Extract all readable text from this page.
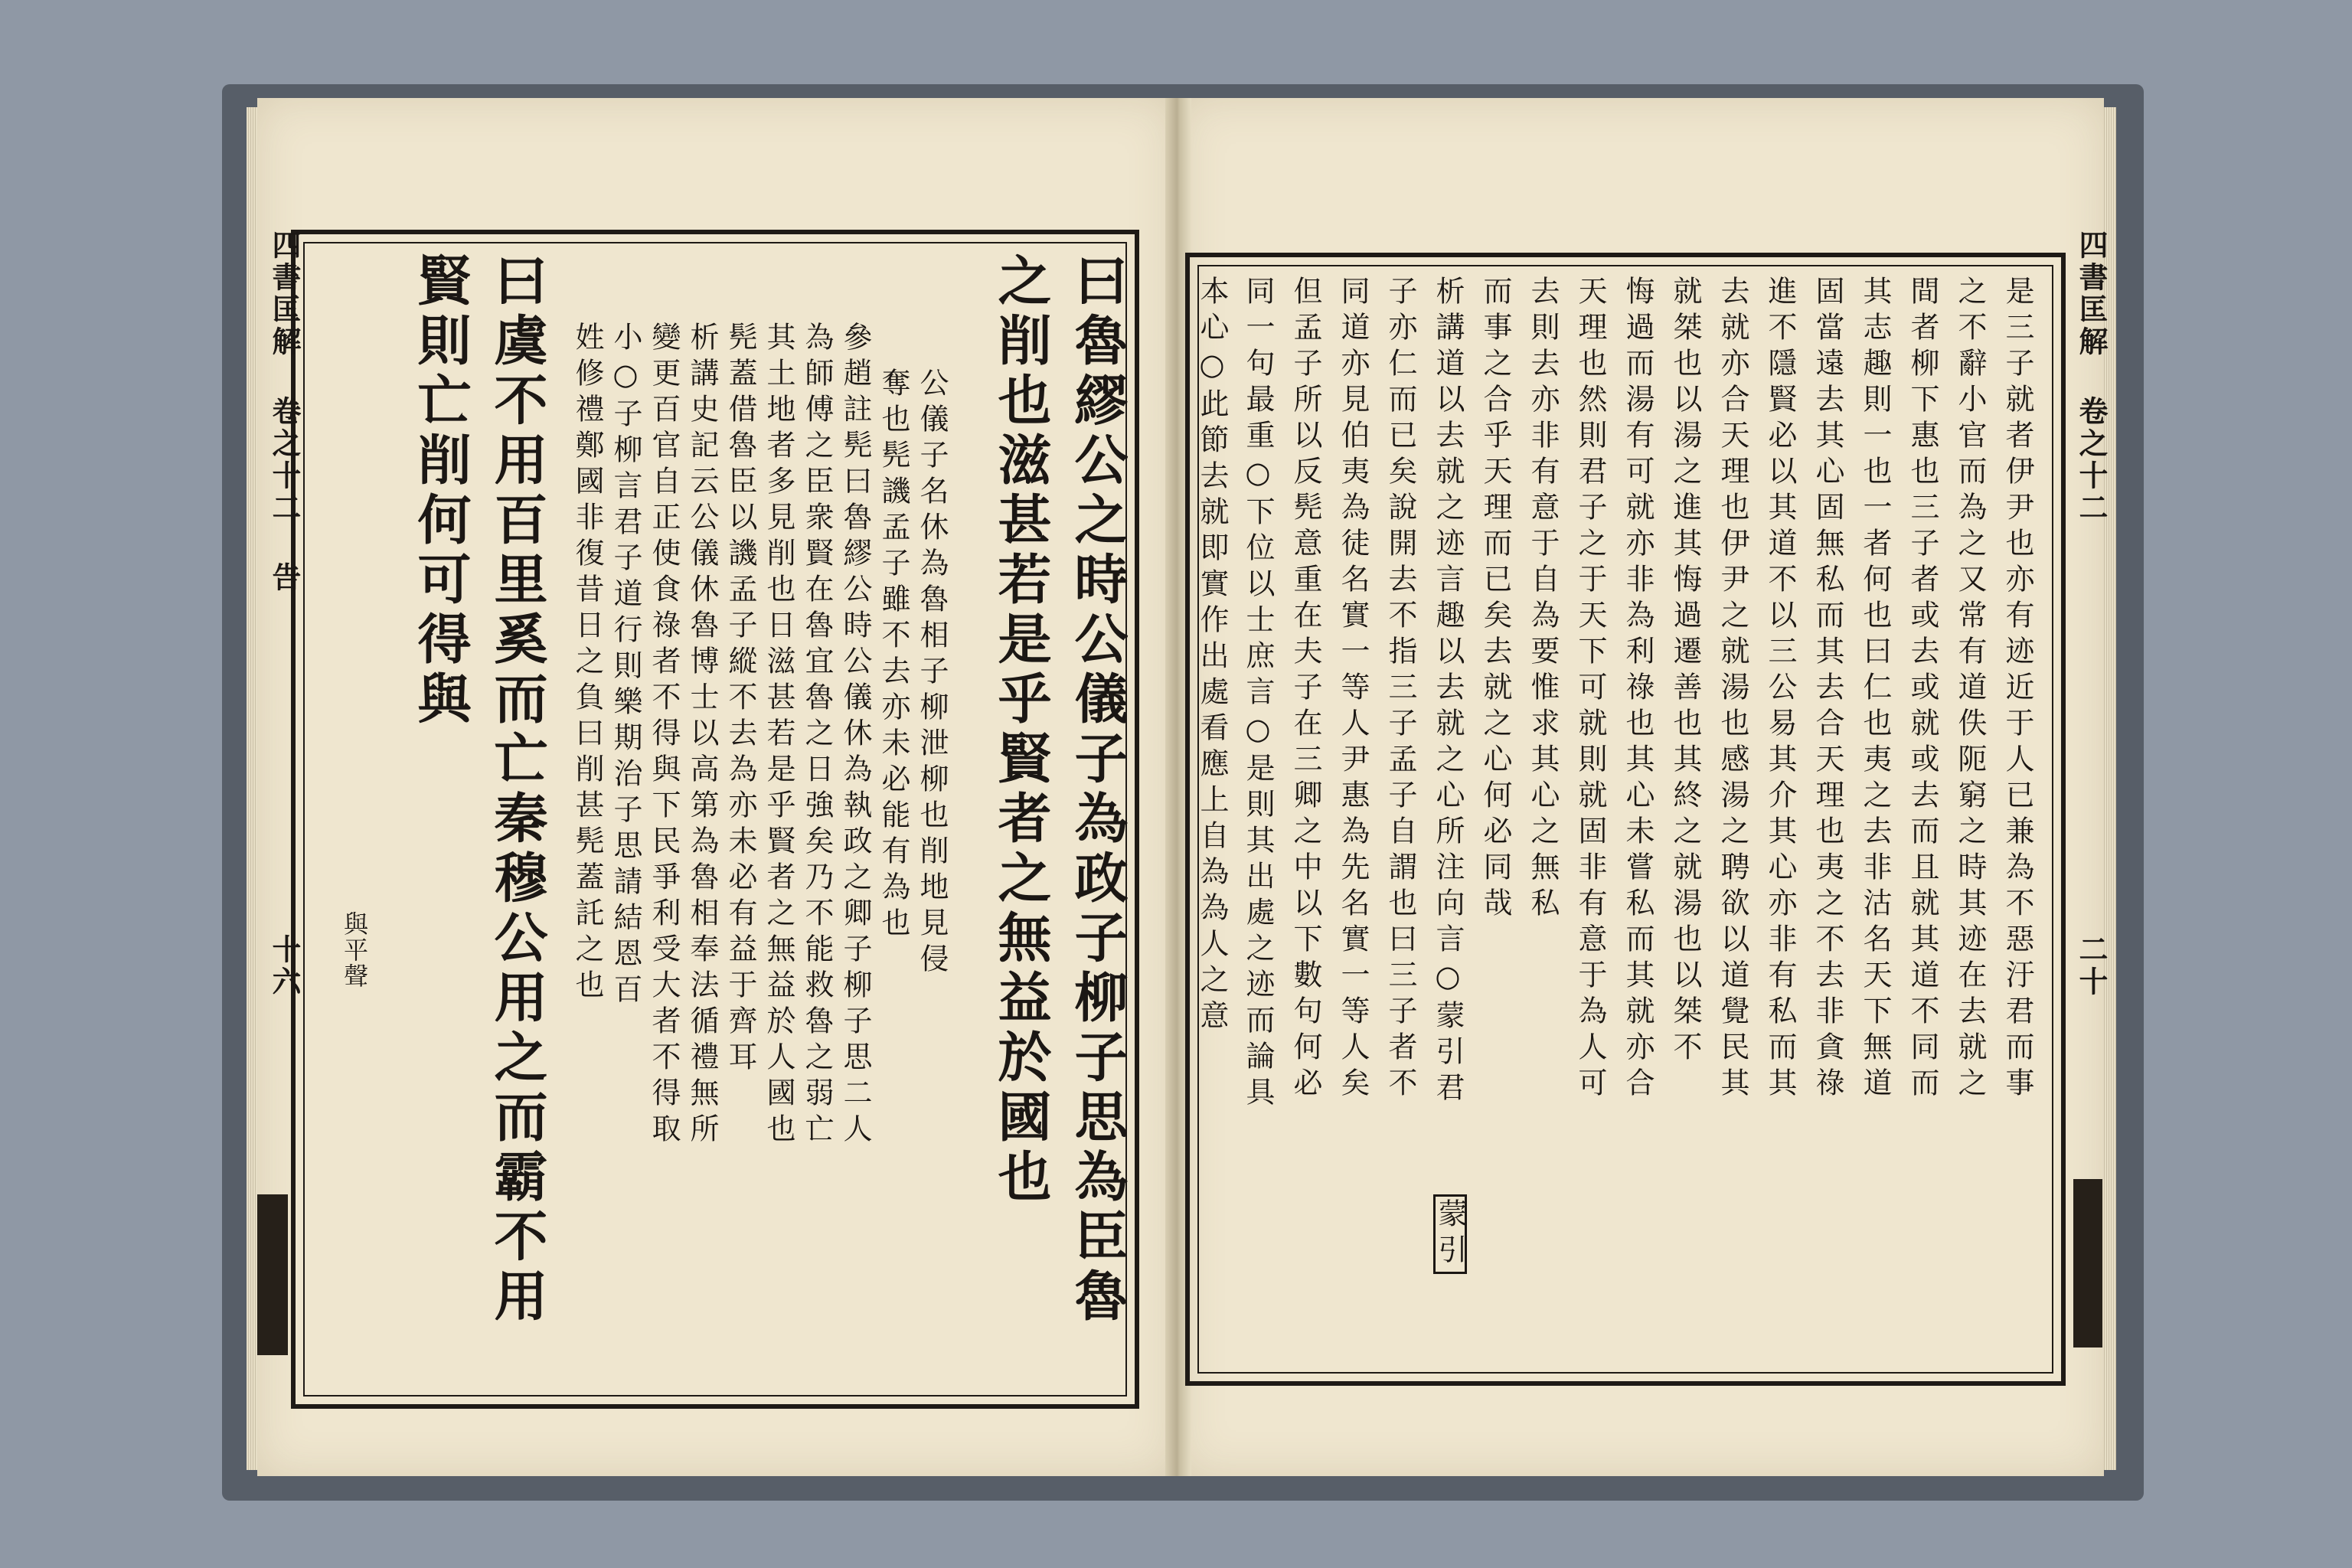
四書匡解 卷之十二 告
十六	曰魯繆公之時公儀子為政子柳子思為臣魯
之削也滋甚若是乎賢者之無益於國也
公儀子名休為魯相子柳泄柳也削地見侵
奪也髡譏孟子雖不去亦未必能有為也
參趙註髡曰魯繆公時公儀休為執政之卿子柳子思二人
為師傅之臣衆賢在魯宜魯之日強矣乃不能救魯之弱亡
其土地者多見削也日滋甚若是乎賢者之無益於人國也
髡蓋借魯臣以譏孟子縱不去為亦未必有益于齊耳
析講史記云公儀休魯博士以高第為魯相奉法循禮無所
變更百官自正使食祿者不得與下民爭利受大者不得取
小○子柳言君子道行則樂期治子思請結恩百
姓修禮鄭國非復昔日之負曰削甚髡蓋託之也
曰虞不用百里奚而亡秦穆公用之而霸不用
賢則亡削何可得與
與平聲
四書匡解 卷之十二
二十
是三子就者伊尹也亦有迹近于人已兼為不惡汙君而事
之不辭小官而為之又常有道佚阨窮之時其迹在去就之
間者柳下惠也三子者或去或就或去而且就其道不同而
其志趣則一也一者何也曰仁也夷之去非沽名天下無道
固當遠去其心固無私而其去合天理也夷之不去非貪祿
進不隱賢必以其道不以三公易其介其心亦非有私而其
去就亦合天理也伊尹之就湯也感湯之聘欲以道覺民其
就桀也以湯之進其悔過遷善也其終之就湯也以桀不
悔過而湯有可就亦非為利祿也其心未嘗私而其就亦合
天理也然則君子之于天下可就則就固非有意于為人可
去則去亦非有意于自為要惟求其心之無私
而事之合乎天理而已矣去就之心何必同哉
析講道以去就之迹言趣以去就之心所注向言○蒙引君
子亦仁而已矣說開去不指三子孟子自謂也曰三子者不
同道亦見伯夷為徒名實一等人尹惠為先名實一等人矣
但孟子所以反髡意重在夫子在三卿之中以下數句何必
同一句最重○下位以士庶言○是則其出處之迹而論具
本心○此節去就即實作出處看應上自為為人之意
蒙引
